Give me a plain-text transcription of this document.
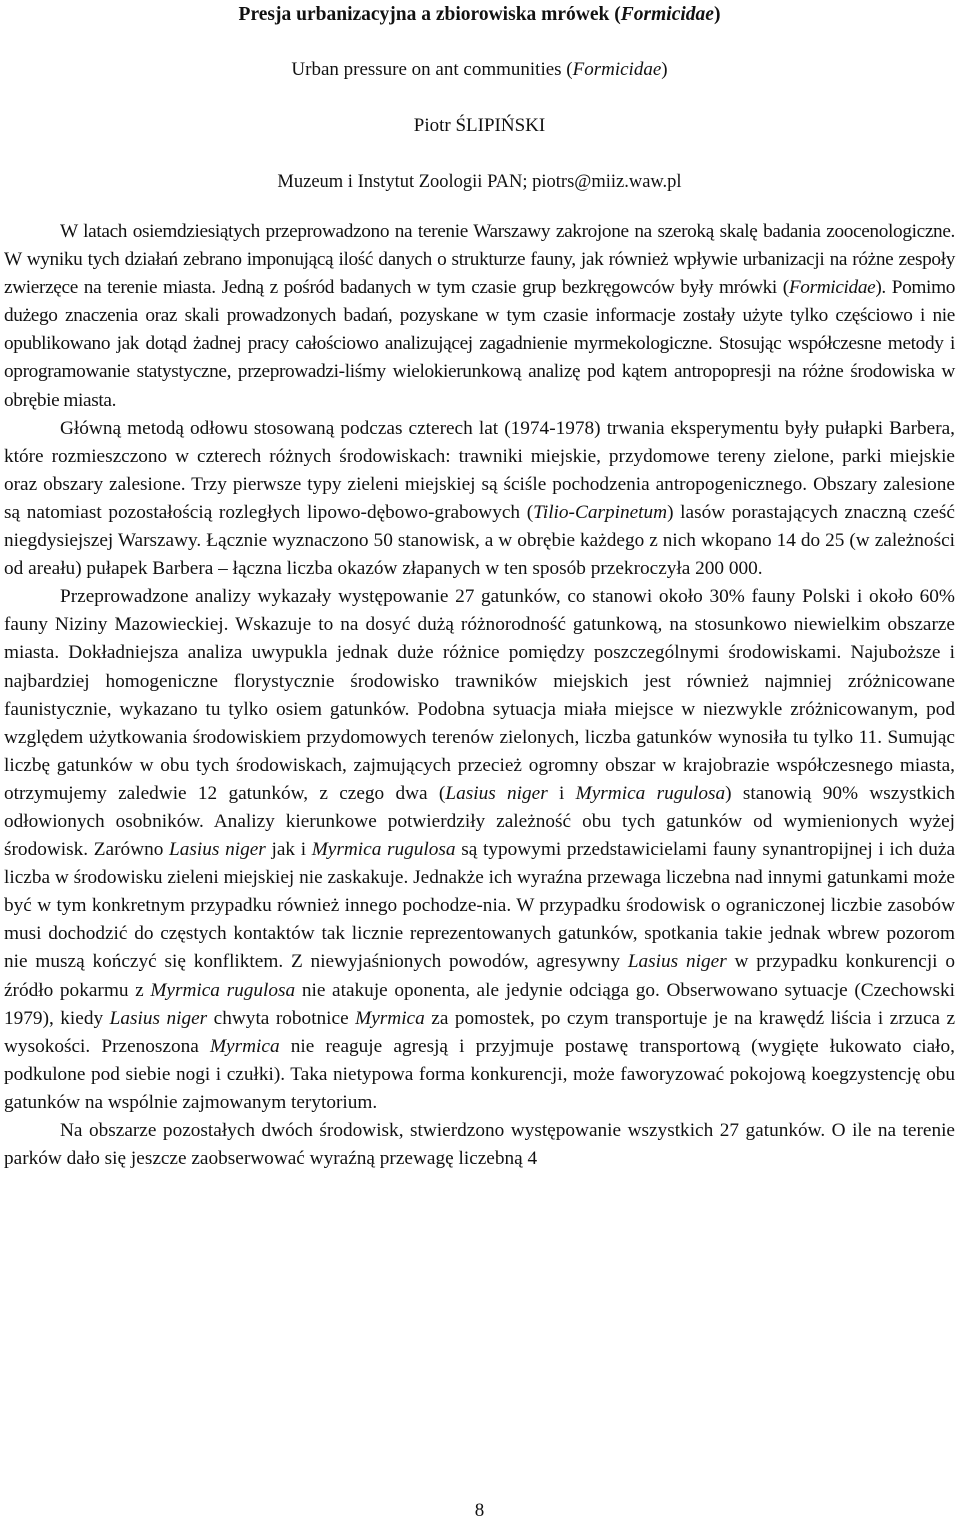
Presja urbanizacyjna a zbiorowiska mrówek (Formicidae)
Urban pressure on ant communities (Formicidae)
Piotr ŚLIPIŃSKI
Muzeum i Instytut Zoologii PAN; piotrs@miiz.waw.pl

W latach osiemdziesiątych przeprowadzono na terenie Warszawy zakrojone na szeroką skalę badania zoocenologiczne. W wyniku tych działań zebrano imponującą ilość danych o strukturze fauny, jak również wpływie urbanizacji na różne zespoły zwierzęce na terenie miasta. Jedną z pośród badanych w tym czasie grup bezkręgowców były mrówki (Formicidae). Pomimo dużego znaczenia oraz skali prowadzonych badań, pozyskane w tym czasie informacje zostały użyte tylko częściowo i nie opublikowano jak dotąd żadnej pracy całościowo analizującej zagadnienie myrmekologiczne. Stosując współczesne metody i oprogramowanie statystyczne, przeprowadzi-liśmy wielokierunkową analizę pod kątem antropopresji na różne środowiska w obrębie miasta.

Główną metodą odłowu stosowaną podczas czterech lat (1974-1978) trwania eksperymentu były pułapki Barbera, które rozmieszczono w czterech różnych środowiskach: trawniki miejskie, przydomowe tereny zielone, parki miejskie oraz obszary zalesione. Trzy pierwsze typy zieleni miejskiej są ściśle pochodzenia antropogenicznego. Obszary zalesione są natomiast pozostałością rozległych lipowo-dębowo-grabowych (Tilio-Carpinetum) lasów porastających znaczną cześć niegdysiejszej Warszawy. Łącznie wyznaczono 50 stanowisk, a w obrębie każdego z nich wkopano 14 do 25 (w zależności od areału) pułapek Barbera – łączna liczba okazów złapanych w ten sposób przekroczyła 200 000.

Przeprowadzone analizy wykazały występowanie 27 gatunków, co stanowi około 30% fauny Polski i około 60% fauny Niziny Mazowieckiej. Wskazuje to na dosyć dużą różnorodność gatunkową, na stosunkowo niewielkim obszarze miasta. Dokładniejsza analiza uwypukla jednak duże różnice pomiędzy poszczególnymi środowiskami. Najuboższe i najbardziej homogeniczne florystycznie środowisko trawników miejskich jest również najmniej zróżnicowane faunistycznie, wykazano tu tylko osiem gatunków. Podobna sytuacja miała miejsce w niezwykle zróżnicowanym, pod względem użytkowania środowiskiem przydomowych terenów zielonych, liczba gatunków wynosiła tu tylko 11. Sumując liczbę gatunków w obu tych środowiskach, zajmujących przecież ogromny obszar w krajobrazie współczesnego miasta, otrzymujemy zaledwie 12 gatunków, z czego dwa (Lasius niger i Myrmica rugulosa) stanowią 90% wszystkich odłowionych osobników. Analizy kierunkowe potwierdziły zależność obu tych gatunków od wymienionych wyżej środowisk. Zarówno Lasius niger jak i Myrmica rugulosa są typowymi przedstawicielami fauny synantropijnej i ich duża liczba w środowisku zieleni miejskiej nie zaskakuje. Jednakże ich wyraźna przewaga liczebna nad innymi gatunkami może być w tym konkretnym przypadku również innego pochodze-nia. W przypadku środowisk o ograniczonej liczbie zasobów musi dochodzić do częstych kontaktów tak licznie reprezentowanych gatunków, spotkania takie jednak wbrew pozorom nie muszą kończyć się konfliktem. Z niewyjaśnionych powodów, agresywny Lasius niger w przypadku konkurencji o źródło pokarmu z Myrmica rugulosa nie atakuje oponenta, ale jedynie odciąga go. Obserwowano sytuacje (Czechowski 1979), kiedy Lasius niger chwyta robotnice Myrmica za pomostek, po czym transportuje je na krawędź liścia i zrzuca z wysokości. Przenoszona Myrmica nie reaguje agresją i przyjmuje postawę transportową (wygięte łukowato ciało, podkulone pod siebie nogi i czułki). Taka nietypowa forma konkurencji, może faworyzować pokojową koegzystencję obu gatunków na wspólnie zajmowanym terytorium.

Na obszarze pozostałych dwóch środowisk, stwierdzono występowanie wszystkich 27 gatunków. O ile na terenie parków dało się jeszcze zaobserwować wyraźną przewagę liczebną 4

8
